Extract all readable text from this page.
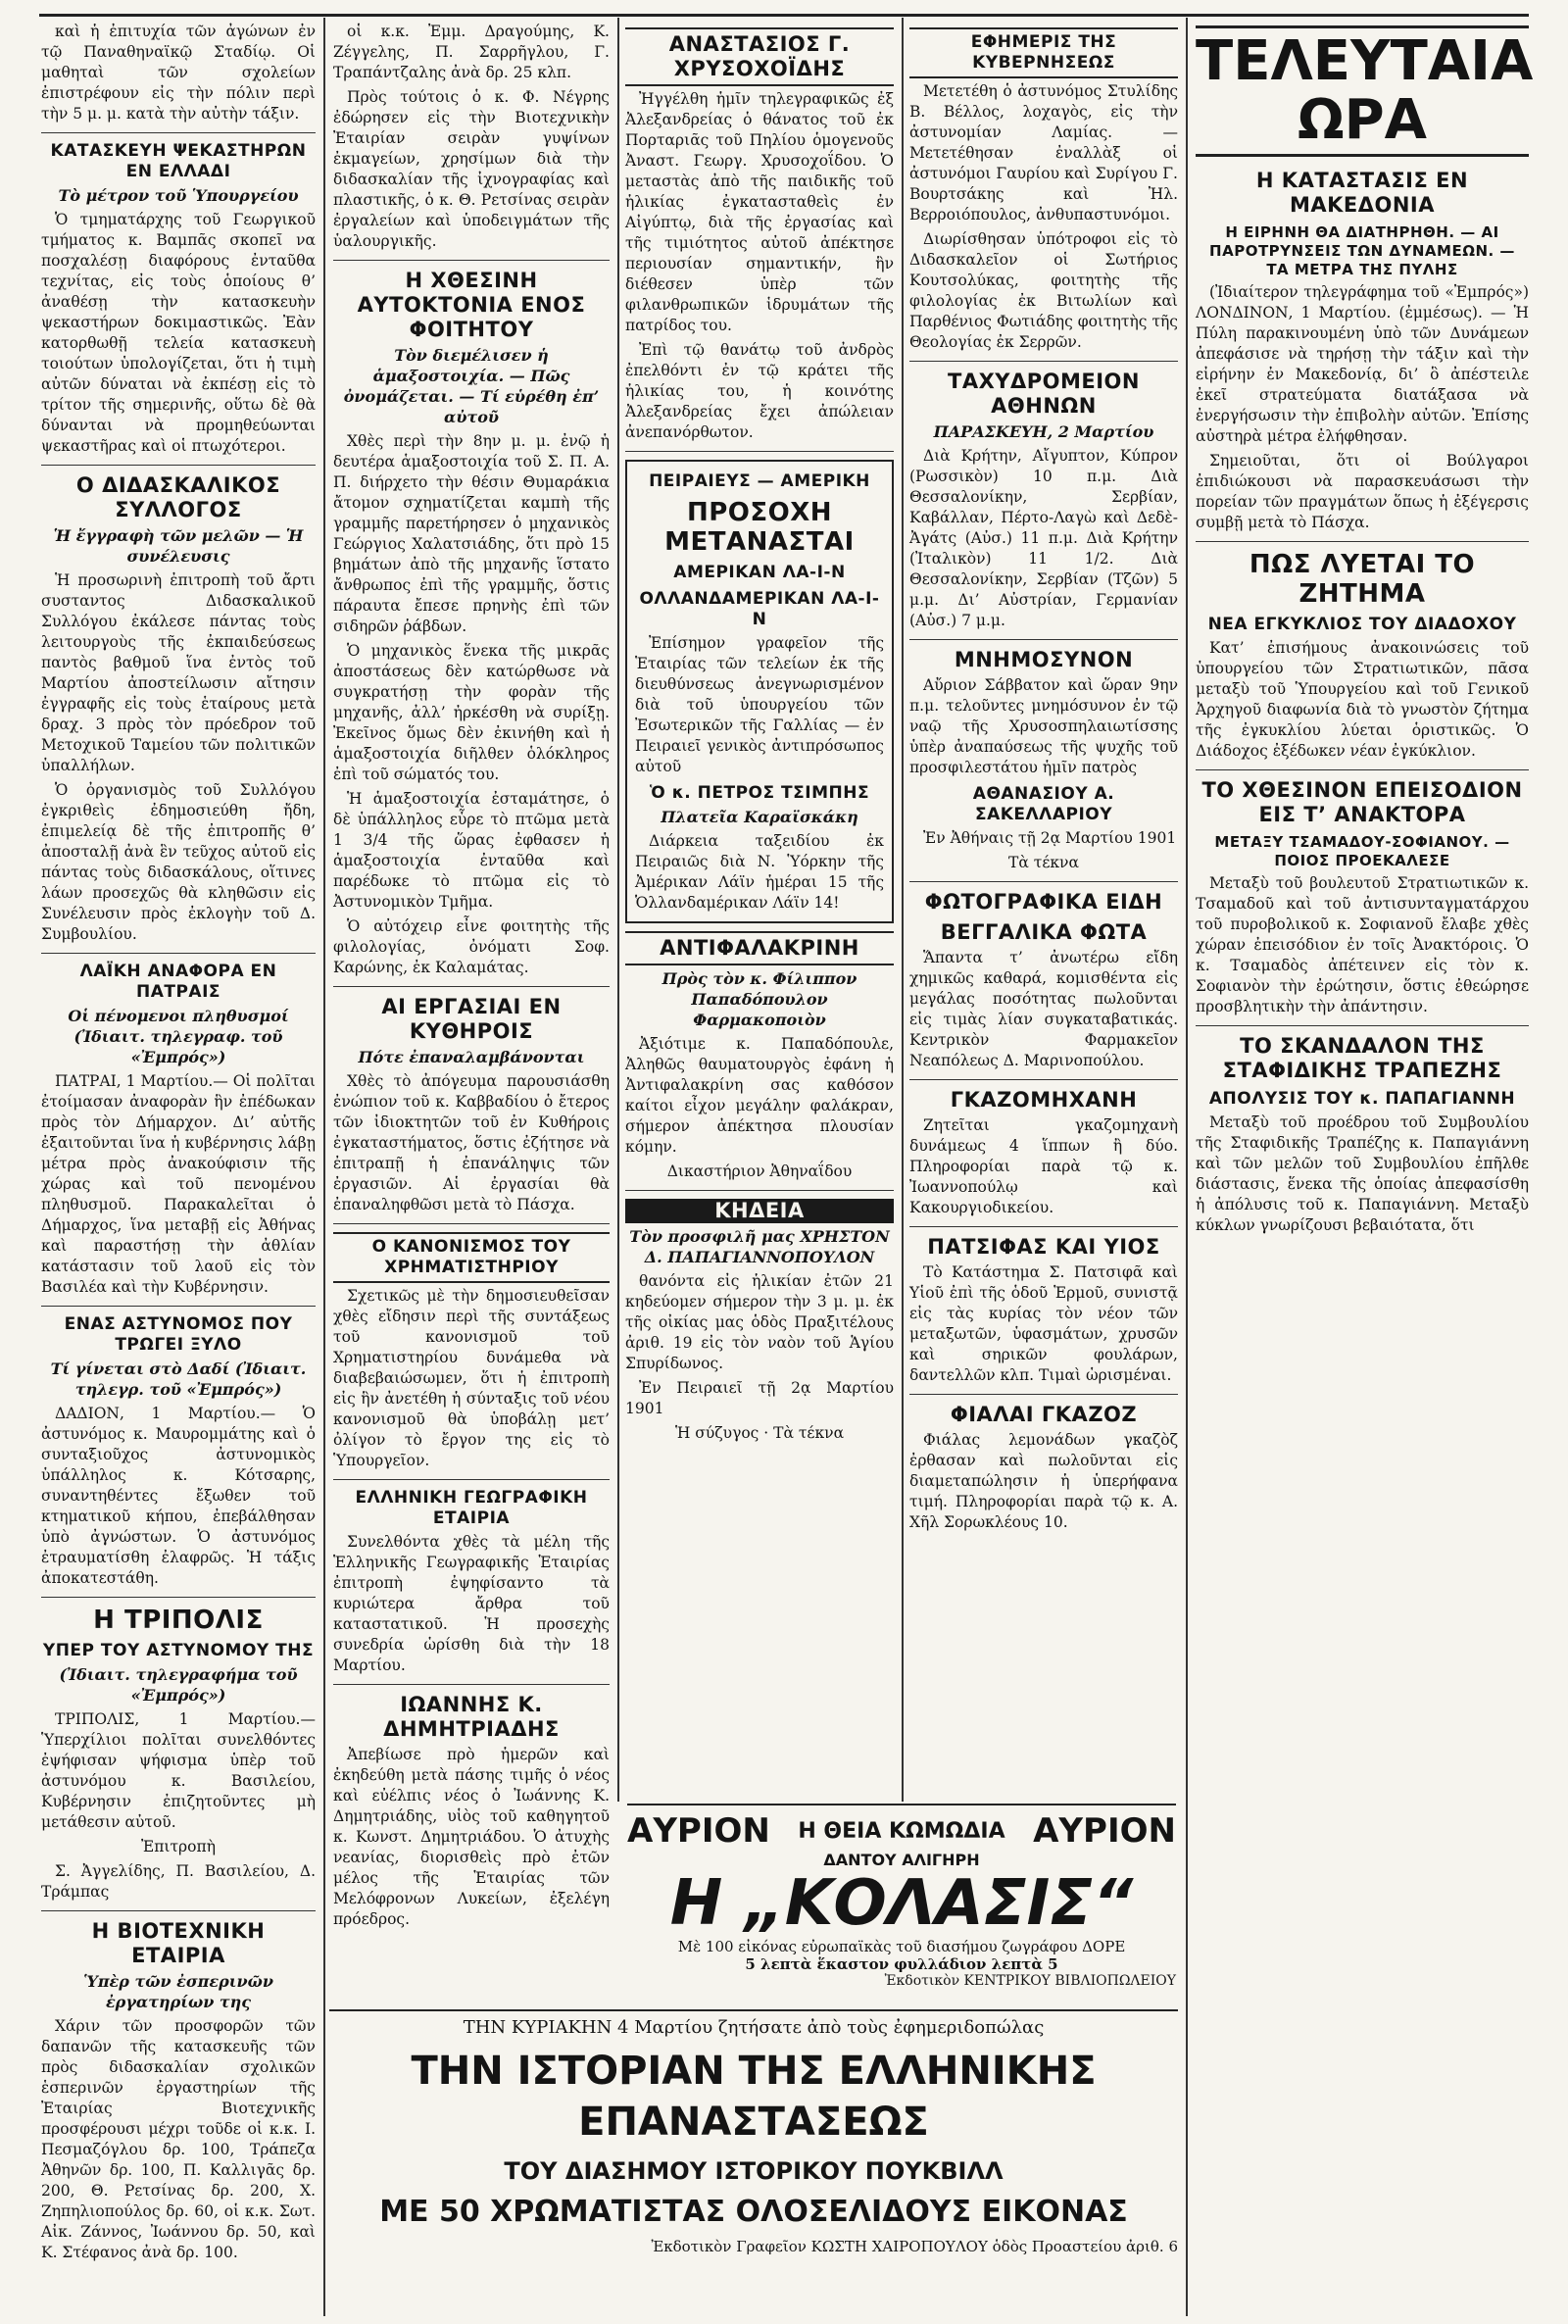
καὶ ἡ ἐπιτυχία τῶν ἀγώνων ἐν τῷ Παναθηναϊκῷ Σταδίῳ. Οἱ μαθηταὶ τῶν σχολείων ἐπιστρέφουν εἰς τὴν πόλιν περὶ τὴν 5 μ. μ. κατὰ τὴν αὐτὴν τάξιν.

ΚΑΤΑΣΚΕΥΗ ΨΕΚΑΣΤΗΡΩΝ ΕΝ ΕΛΛΑΔΙ
Τὸ μέτρον τοῦ Ὑπουργείου

Ὁ τμηματάρχης τοῦ Γεωργικοῦ τμήματος κ. Βαμπᾶς σκοπεῖ να ποσχαλέσῃ διαφόρους ἐνταῦθα τεχνίτας, εἰς τοὺς ὁποίους θ’ ἀναθέσῃ τὴν κατασκευὴν ψεκαστήρων δοκιμαστικῶς. Ἐὰν κατορθωθῇ τελεία κατασκευὴ τοιούτων ὑπολογίζεται, ὅτι ἡ τιμὴ αὐτῶν δύναται νὰ ἐκπέσῃ εἰς τὸ τρίτον τῆς σημερινῆς, οὕτω δὲ θὰ δύνανται νὰ προμηθεύωνται ψεκαστῆρας καὶ οἱ πτωχότεροι.

Ο ΔΙΔΑΣΚΑΛΙΚΟΣ ΣΥΛΛΟΓΟΣ
Ἡ ἔγγραφὴ τῶν μελῶν — Ἡ συνέλευσις

Ἡ προσωρινὴ ἐπιτροπὴ τοῦ ἄρτι συσταντος Διδασκαλικοῦ Συλλόγου ἐκάλεσε πάντας τοὺς λειτουργοὺς τῆς ἐκπαιδεύσεως παντὸς βαθμοῦ ἵνα ἐντὸς τοῦ Μαρτίου ἀποστείλωσιν αἴτησιν ἐγγραφῆς εἰς τοὺς ἑταίρους μετὰ δραχ. 3 πρὸς τὸν πρόεδρον τοῦ Μετοχικοῦ Ταμείου τῶν πολιτικῶν ὑπαλλήλων.

Ὁ ὀργανισμὸς τοῦ Συλλόγου ἐγκριθεὶς ἐδημοσιεύθη ἤδη, ἐπιμελείᾳ δὲ τῆς ἐπιτροπῆς θ’ ἀποσταλῇ ἀνὰ ἓν τεῦχος αὐτοῦ εἰς πάντας τοὺς διδασκάλους, οἵτινες λάων προσεχῶς θὰ κληθῶσιν εἰς Συνέλευσιν πρὸς ἐκλογὴν τοῦ Δ. Συμβουλίου.

ΛΑΪΚΗ ΑΝΑΦΟΡΑ ΕΝ ΠΑΤΡΑΙΣ
Οἱ πένομενοι πληθυσμοί (Ἰδιαιτ. τηλεγραφ. τοῦ «Ἐμπρός»)

ΠΑΤΡΑΙ, 1 Μαρτίου.— Οἱ πολῖται ἐτοίμασαν ἀναφορὰν ἣν ἐπέδωκαν πρὸς τὸν Δήμαρχον. Δι’ αὐτῆς ἐξαιτοῦνται ἵνα ἡ κυβέρνησις λάβῃ μέτρα πρὸς ἀνακούφισιν τῆς χώρας καὶ τοῦ πενομένου πληθυσμοῦ. Παρακαλεῖται ὁ Δήμαρχος, ἵνα μεταβῇ εἰς Ἀθήνας καὶ παραστήσῃ τὴν ἀθλίαν κατάστασιν τοῦ λαοῦ εἰς τὸν Βασιλέα καὶ τὴν Κυβέρνησιν.

ΕΝΑΣ ΑΣΤΥΝΟΜΟΣ ΠΟΥ ΤΡΩΓΕΙ ΞΥΛΟ
Τί γίνεται στὸ Δαδί (Ἰδιαιτ. τηλεγρ. τοῦ «Ἐμπρός»)

ΔΑΔΙΟΝ, 1 Μαρτίου.— Ὁ ἀστυνόμος κ. Μαυρομμάτης καὶ ὁ συνταξιοῦχος ἀστυνομικὸς ὑπάλληλος κ. Κότσαρης, συναντηθέντες ἔξωθεν τοῦ κτηματικοῦ κήπου, ἐπεβάλθησαν ὑπὸ ἀγνώστων. Ὁ ἀστυνόμος ἐτραυματίσθη ἐλαφρῶς. Ἡ τάξις ἀποκατεστάθη.

Η ΤΡΙΠΟΛΙΣ
ΥΠΕΡ ΤΟΥ ΑΣΤΥΝΟΜΟΥ ΤΗΣ
(Ἰδιαιτ. τηλεγραφήμα τοῦ «Ἐμπρός»)

ΤΡΙΠΟΛΙΣ, 1 Μαρτίου.— Ὑπερχίλιοι πολῖται συνελθόντες ἐψήφισαν ψήφισμα ὑπὲρ τοῦ ἀστυνόμου κ. Βασιλείου, Κυβέρνησιν ἐπιζητοῦντες μὴ μετάθεσιν αὐτοῦ.

Ἐπιτροπὴ

Σ. Ἀγγελίδης, Π. Βασιλείου, Δ. Τράμπας

Η ΒΙΟΤΕΧΝΙΚΗ ΕΤΑΙΡΙΑ
Ὑπὲρ τῶν ἐσπερινῶν ἐργατηρίων της

Χάριν τῶν προσφορῶν τῶν δαπανῶν τῆς κατασκευῆς τῶν πρὸς διδασκαλίαν σχολικῶν ἑσπερινῶν ἐργαστηρίων τῆς Ἐταιρίας Βιοτεχνικῆς προσφέρουσι μέχρι τοῦδε οἱ κ.κ. Ι. Πεσμαζόγλου δρ. 100, Τράπεζα Ἀθηνῶν δρ. 100, Π. Καλλιγᾶς δρ. 200, Θ. Ρετσίνας δρ. 200, Χ. Ζηπηλιοπούλος δρ. 60, οἱ κ.κ. Σωτ. Αἰκ. Ζάννος, Ἰωάννου δρ. 50, καὶ Κ. Στέφανος ἀνὰ δρ. 100.

οἱ κ.κ. Ἐμμ. Δραγούμης, Κ. Ζέγγελης, Π. Σαρρῆγλου, Γ. Τραπάντζαλης ἀνὰ δρ. 25 κλπ.

Πρὸς τούτοις ὁ κ. Φ. Νέγρης ἐδώρησεν εἰς τὴν Βιοτεχνικὴν Ἐταιρίαν σειρὰν γυψίνων ἐκμαγείων, χρησίμων διὰ τὴν διδασκαλίαν τῆς ἰχνογραφίας καὶ πλαστικῆς, ὁ κ. Θ. Ρετσίνας σειρὰν ἐργαλείων καὶ ὑποδειγμάτων τῆς ὑαλουργικῆς.

Η ΧΘΕΣΙΝΗ ΑΥΤΟΚΤΟΝΙΑ ΕΝΟΣ ΦΟΙΤΗΤΟΥ
Τὸν διεμέλισεν ἡ ἁμαξοστοιχία. — Πῶς ὀνομάζεται. — Τί εὑρέθη ἐπ’ αὐτοῦ

Χθὲς περὶ τὴν 8ην μ. μ. ἐνῷ ἡ δευτέρα ἁμαξοστοιχία τοῦ Σ. Π. Α. Π. διήρχετο τὴν θέσιν Θυμαράκια ἄτομον σχηματίζεται καμπὴ τῆς γραμμῆς παρετήρησεν ὁ μηχανικὸς Γεώργιος Χαλατσιάδης, ὅτι πρὸ 15 βημάτων ἀπὸ τῆς μηχανῆς ἵστατο ἄνθρωπος ἐπὶ τῆς γραμμῆς, ὅστις πάραυτα ἔπεσε πρηνὴς ἐπὶ τῶν σιδηρῶν ῥάβδων.

Ὁ μηχανικὸς ἕνεκα τῆς μικρᾶς ἀποστάσεως δὲν κατώρθωσε νὰ συγκρατήσῃ τὴν φορὰν τῆς μηχανῆς, ἀλλ’ ἠρκέσθη νὰ συρίξῃ. Ἐκεῖνος ὅμως δὲν ἐκινήθη καὶ ἡ ἁμαξοστοιχία διῆλθεν ὁλόκληρος ἐπὶ τοῦ σώματός του.

Ἡ ἁμαξοστοιχία ἐσταμάτησε, ὁ δὲ ὑπάλληλος εὗρε τὸ πτῶμα μετὰ 1 3/4 τῆς ὥρας ἐφθασεν ἡ ἁμαξοστοιχία ἐνταῦθα καὶ παρέδωκε τὸ πτῶμα εἰς τὸ Ἀστυνομικὸν Τμῆμα.

Ὁ αὐτόχειρ εἶνε φοιτητὴς τῆς φιλολογίας, ὀνόματι Σοφ. Καρώνης, ἐκ Καλαμάτας.

ΑΙ ΕΡΓΑΣΙΑΙ ΕΝ ΚΥΘΗΡΟΙΣ
Πότε ἐπαναλαμβάνονται

Χθὲς τὸ ἀπόγευμα παρουσιάσθη ἐνώπιον τοῦ κ. Καββαδίου ὁ ἔτερος τῶν ἰδιοκτητῶν τοῦ ἐν Κυθήροις ἐγκαταστήματος, ὅστις ἐζήτησε νὰ ἐπιτραπῇ ἡ ἐπανάληψις τῶν ἐργασιῶν. Αἱ ἐργασίαι θὰ ἐπαναληφθῶσι μετὰ τὸ Πάσχα.

Ο ΚΑΝΟΝΙΣΜΟΣ ΤΟΥ ΧΡΗΜΑΤΙΣΤΗΡΙΟΥ

Σχετικῶς μὲ τὴν δημοσιευθεῖσαν χθὲς εἴδησιν περὶ τῆς συντάξεως τοῦ κανονισμοῦ τοῦ Χρηματιστηρίου δυνάμεθα νὰ διαβεβαιώσωμεν, ὅτι ἡ ἐπιτροπὴ εἰς ἣν ἀνετέθη ἡ σύνταξις τοῦ νέου κανονισμοῦ θὰ ὑποβάλῃ μετ’ ὀλίγον τὸ ἔργον της εἰς τὸ Ὑπουργεῖον.

ΕΛΛΗΝΙΚΗ ΓΕΩΓΡΑΦΙΚΗ ΕΤΑΙΡΙΑ

Συνελθόντα χθὲς τὰ μέλη τῆς Ἑλληνικῆς Γεωγραφικῆς Ἑταιρίας ἐπιτροπὴ ἐψηφίσαντο τὰ κυριώτερα ἄρθρα τοῦ καταστατικοῦ. Ἡ προσεχὴς συνεδρία ὡρίσθη διὰ τὴν 18 Μαρτίου.

ΙΩΑΝΝΗΣ Κ. ΔΗΜΗΤΡΙΑΔΗΣ

Ἀπεβίωσε πρὸ ἡμερῶν καὶ ἐκηδεύθη μετὰ πάσης τιμῆς ὁ νέος καὶ εὐέλπις νέος ὁ Ἰωάννης Κ. Δημητριάδης, υἱὸς τοῦ καθηγητοῦ κ. Κωνστ. Δημητριάδου. Ὁ ἀτυχὴς νεανίας, διορισθεὶς πρὸ ἐτῶν μέλος τῆς Ἑταιρίας τῶν Μελόφρονων Λυκείων, ἐξελέγη πρόεδρος.

ΑΝΑΣΤΑΣΙΟΣ Γ. ΧΡΥΣΟΧΟΪΔΗΣ

Ἠγγέλθη ἡμῖν τηλεγραφικῶς ἐξ Ἀλεξανδρείας ὁ θάνατος τοῦ ἐκ Πορταριᾶς τοῦ Πηλίου ὁμογενοῦς Ἀναστ. Γεωργ. Χρυσοχοΐδου. Ὁ μεταστὰς ἀπὸ τῆς παιδικῆς τοῦ ἡλικίας ἐγκατασταθεὶς ἐν Αἰγύπτῳ, διὰ τῆς ἐργασίας καὶ τῆς τιμιότητος αὐτοῦ ἀπέκτησε περιουσίαν σημαντικήν, ἣν διέθεσεν ὑπὲρ τῶν φιλανθρωπικῶν ἱδρυμάτων τῆς πατρίδος του.

Ἐπὶ τῷ θανάτῳ τοῦ ἀνδρὸς ἐπελθόντι ἐν τῷ κράτει τῆς ἡλικίας του, ἡ κοινότης Ἀλεξανδρείας ἔχει ἀπώλειαν ἀνεπανόρθωτον.

ΠΕΙΡΑΙΕΥΣ — ΑΜΕΡΙΚΗ
ΠΡΟΣΟΧΗ ΜΕΤΑΝΑΣΤΑΙ
ΑΜΕΡΙΚΑΝ ΛΑ-Ι-Ν
ΟΛΛΑΝΔΑΜΕΡΙΚΑΝ ΛΑ-Ι-Ν

Ἐπίσημον γραφεῖον τῆς Ἑταιρίας τῶν τελείων ἐκ τῆς διευθύνσεως ἀνεγνωρισμένον διὰ τοῦ ὑπουργείου τῶν Ἐσωτερικῶν τῆς Γαλλίας — ἐν Πειραιεῖ γενικὸς ἀντιπρόσωπος αὐτοῦ

Ὁ κ. ΠΕΤΡΟΣ ΤΣΙΜΠΗΣ
Πλατεῖα Καραϊσκάκη

Διάρκεια ταξειδίου ἐκ Πειραιῶς διὰ Ν. Ὑόρκην τῆς Ἀμέρικαν Λάϊν ἡμέραι 15 τῆς Ὁλλανδαμέρικαν Λάϊν 14!

ΑΝΤΙΦΑΛΑΚΡΙΝΗ
Πρὸς τὸν κ. Φίλιππον Παπαδόπουλον Φαρμακοποιὸν

Ἀξιότιμε κ. Παπαδόπουλε, Ἀληθῶς θαυματουργὸς ἐφάνη ἡ Ἀντιφαλακρίνη σας καθόσον καίτοι εἶχον μεγάλην φαλάκραν, σήμερον ἀπέκτησα πλουσίαν κόμην.

Δικαστήριον Ἀθηναΐδου

ΚΗΔΕΙΑ
Τὸν προσφιλῆ μας ΧΡΗΣΤΟΝ Δ. ΠΑΠΑΓΙΑΝΝΟΠΟΥΛΟΝ

θανόντα εἰς ἡλικίαν ἐτῶν 21 κηδεύομεν σήμερον τὴν 3 μ. μ. ἐκ τῆς οἰκίας μας ὁδὸς Πραξιτέλους ἀριθ. 19 εἰς τὸν ναὸν τοῦ Ἁγίου Σπυρίδωνος.

Ἐν Πειραιεῖ τῇ 2ᾳ Μαρτίου 1901

Ἡ σύζυγος · Τὰ τέκνα

ΕΦΗΜΕΡΙΣ ΤΗΣ ΚΥΒΕΡΝΗΣΕΩΣ

Μετετέθη ὁ ἀστυνόμος Στυλίδης Β. Βέλλος, λοχαγὸς, εἰς τὴν ἀστυνομίαν Λαμίας. — Μετετέθησαν ἐναλλὰξ οἱ ἀστυνόμοι Γαυρίου καὶ Συρίγου Γ. Βουρτσάκης καὶ Ἠλ. Βερροιόπουλος, ἀνθυπαστυνόμοι.

Διωρίσθησαν ὑπότροφοι εἰς τὸ Διδασκαλεῖον οἱ Σωτήριος Κουτσολύκας, φοιτητὴς τῆς φιλολογίας ἐκ Βιτωλίων καὶ Παρθένιος Φωτιάδης φοιτητὴς τῆς Θεολογίας ἐκ Σερρῶν.

ΤΑΧΥΔΡΟΜΕΙΟΝ ΑΘΗΝΩΝ
ΠΑΡΑΣΚΕΥΗ, 2 Μαρτίου

Διὰ Κρήτην, Αἴγυπτον, Κύπρον (Ρωσσικὸν) 10 π.μ. Διὰ Θεσσαλονίκην, Σερβίαν, Καβάλλαν, Πέρτο-Λαγὼ καὶ Δεδὲ-Ἀγάτς (Αὐσ.) 11 π.μ. Διὰ Κρήτην (Ἰταλικὸν) 11 1/2. Διὰ Θεσσαλονίκην, Σερβίαν (Τζῶν) 5 μ.μ. Δι’ Αὐστρίαν, Γερμανίαν (Αὐσ.) 7 μ.μ.

ΜΝΗΜΟΣΥΝΟΝ

Αὔριον Σάββατον καὶ ὥραν 9ην π.μ. τελοῦντες μνημόσυνον ἐν τῷ ναῷ τῆς Χρυσοσπηλαιωτίσσης ὑπὲρ ἀναπαύσεως τῆς ψυχῆς τοῦ προσφιλεστάτου ἡμῖν πατρὸς

ΑΘΑΝΑΣΙΟΥ Α. ΣΑΚΕΛΛΑΡΙΟΥ

Ἐν Ἀθήναις τῇ 2ᾳ Μαρτίου 1901

Τὰ τέκνα

ΦΩΤΟΓΡΑΦΙΚΑ ΕΙΔΗ
ΒΕΓΓΑΛΙΚΑ ΦΩΤΑ

Ἅπαντα τ’ ἀνωτέρω εἴδη χημικῶς καθαρά, κομισθέντα εἰς μεγάλας ποσότητας πωλοῦνται εἰς τιμὰς λίαν συγκαταβατικάς. Κεντρικὸν Φαρμακεῖον Νεαπόλεως Δ. Μαρινοπούλου.

ΓΚΑΖΟΜΗΧΑΝΗ

Ζητεῖται γκαζομηχανὴ δυνάμεως 4 ἵππων ἢ δύο. Πληροφορίαι παρὰ τῷ κ. Ἰωαννοπούλῳ καὶ Κακουργιοδικείου.

ΠΑΤΣΙΦΑΣ ΚΑΙ ΥΙΟΣ

Τὸ Κατάστημα Σ. Πατσιφᾶ καὶ Υἱοῦ ἐπὶ τῆς ὁδοῦ Ἑρμοῦ, συνιστᾷ εἰς τὰς κυρίας τὸν νέον τῶν μεταξωτῶν, ὑφασμάτων, χρυσῶν καὶ σηρικῶν φουλάρων, δαντελλῶν κλπ. Τιμαὶ ὡρισμέναι.

ΦΙΑΛΑΙ ΓΚΑΖΟΖ

Φιάλας λεμονάδων γκαζὸζ ἐρθασαν καὶ πωλοῦνται εἰς διαμεταπώλησιν ἡ ὑπερήφανα τιμή. Πληροφορίαι παρὰ τῷ κ. Α. Χῆλ Σορωκλέους 10.

ΤΕΛΕΥΤΑΙΑ ΩΡΑ
Η ΚΑΤΑΣΤΑΣΙΣ ΕΝ ΜΑΚΕΔΟΝΙΑ
Η ΕΙΡΗΝΗ ΘΑ ΔΙΑΤΗΡΗΘΗ. — ΑΙ ΠΑΡΟΤΡΥΝΣΕΙΣ ΤΩΝ ΔΥΝΑΜΕΩΝ. — ΤΑ ΜΕΤΡΑ ΤΗΣ ΠΥΛΗΣ

(Ἰδιαίτερον τηλεγράφημα τοῦ «Ἐμπρός») ΛΟΝΔΙΝΟΝ, 1 Μαρτίου. (ἐμμέσως). — Ἡ Πύλη παρακινουμένη ὑπὸ τῶν Δυνάμεων ἀπεφάσισε νὰ τηρήσῃ τὴν τάξιν καὶ τὴν εἰρήνην ἐν Μακεδονίᾳ, δι’ ὃ ἀπέστειλε ἐκεῖ στρατεύματα διατάξασα νὰ ἐνεργήσωσιν τὴν ἐπιβολὴν αὐτῶν. Ἐπίσης αὐστηρὰ μέτρα ἐλήφθησαν.

Σημειοῦται, ὅτι οἱ Βούλγαροι ἐπιδιώκουσι νὰ παρασκευάσωσι τὴν πορείαν τῶν πραγμάτων ὅπως ἡ ἐξέγερσις συμβῇ μετὰ τὸ Πάσχα.

ΠΩΣ ΛΥΕΤΑΙ ΤΟ ΖΗΤΗΜΑ
ΝΕΑ ΕΓΚΥΚΛΙΟΣ ΤΟΥ ΔΙΑΔΟΧΟΥ

Κατ’ ἐπισήμους ἀνακοινώσεις τοῦ ὑπουργείου τῶν Στρατιωτικῶν, πᾶσα μεταξὺ τοῦ Ὑπουργείου καὶ τοῦ Γενικοῦ Ἀρχηγοῦ διαφωνία διὰ τὸ γνωστὸν ζήτημα τῆς ἐγκυκλίου λύεται ὁριστικῶς. Ὁ Διάδοχος ἐξέδωκεν νέαν ἐγκύκλιον.

ΤΟ ΧΘΕΣΙΝΟΝ ΕΠΕΙΣΟΔΙΟΝ ΕΙΣ Τ’ ΑΝΑΚΤΟΡΑ
ΜΕΤΑΞΥ ΤΣΑΜΑΔΟΥ-ΣΟΦΙΑΝΟΥ. — ΠΟΙΟΣ ΠΡΟΕΚΑΛΕΣΕ

Μεταξὺ τοῦ βουλευτοῦ Στρατιωτικῶν κ. Τσαμαδοῦ καὶ τοῦ ἀντισυνταγματάρχου τοῦ πυροβολικοῦ κ. Σοφιανοῦ ἔλαβε χθὲς χώραν ἐπεισόδιον ἐν τοῖς Ἀνακτόροις. Ὁ κ. Τσαμαδὸς ἀπέτεινεν εἰς τὸν κ. Σοφιανὸν τὴν ἐρώτησιν, ὅστις ἐθεώρησε προσβλητικὴν τὴν ἀπάντησιν.

ΤΟ ΣΚΑΝΔΑΛΟΝ ΤΗΣ ΣΤΑΦΙΔΙΚΗΣ ΤΡΑΠΕΖΗΣ
ΑΠΟΛΥΣΙΣ ΤΟΥ κ. ΠΑΠΑΓΙΑΝΝΗ

Μεταξὺ τοῦ προέδρου τοῦ Συμβουλίου τῆς Σταφιδικῆς Τραπέζης κ. Παπαγιάννη καὶ τῶν μελῶν τοῦ Συμβουλίου ἐπῆλθε διάστασις, ἕνεκα τῆς ὁποίας ἀπεφασίσθη ἡ ἀπόλυσις τοῦ κ. Παπαγιάννη. Μεταξὺ κύκλων γνωρίζουσι βεβαιότατα, ὅτι

ΑΥΡΙΟΝ Η ΘΕΙΑ ΚΩΜΩΔΙΑ ΑΥΡΙΟΝ
ΔΑΝΤΟΥ ΑΛΙΓΗΡΗ
Η „ΚΟΛΑΣΙΣ“
Μὲ 100 εἰκόνας εὐρωπαϊκὰς τοῦ διασήμου ζωγράφου ΔΟΡΕ
5 λεπτὰ ἕκαστον φυλλάδιον λεπτὰ 5
Ἐκδοτικὸν ΚΕΝΤΡΙΚΟΥ ΒΙΒΛΙΟΠΩΛΕΙΟΥ
ΤΗΝ ΚΥΡΙΑΚΗΝ 4 Μαρτίου ζητήσατε ἀπὸ τοὺς ἐφημεριδοπώλας
ΤΗΝ ΙΣΤΟΡΙΑΝ ΤΗΣ ΕΛΛΗΝΙΚΗΣ ΕΠΑΝΑΣΤΑΣΕΩΣ
ΤΟΥ ΔΙΑΣΗΜΟΥ ΙΣΤΟΡΙΚΟΥ ΠΟΥΚΒΙΛΛ
ΜΕ 50 ΧΡΩΜΑΤΙΣΤΑΣ ΟΛΟΣΕΛΙΔΟΥΣ ΕΙΚΟΝΑΣ
Ἐκδοτικὸν Γραφεῖον ΚΩΣΤΗ ΧΑΙΡΟΠΟΥΛΟΥ ὁδὸς Προαστείου ἀριθ. 6
